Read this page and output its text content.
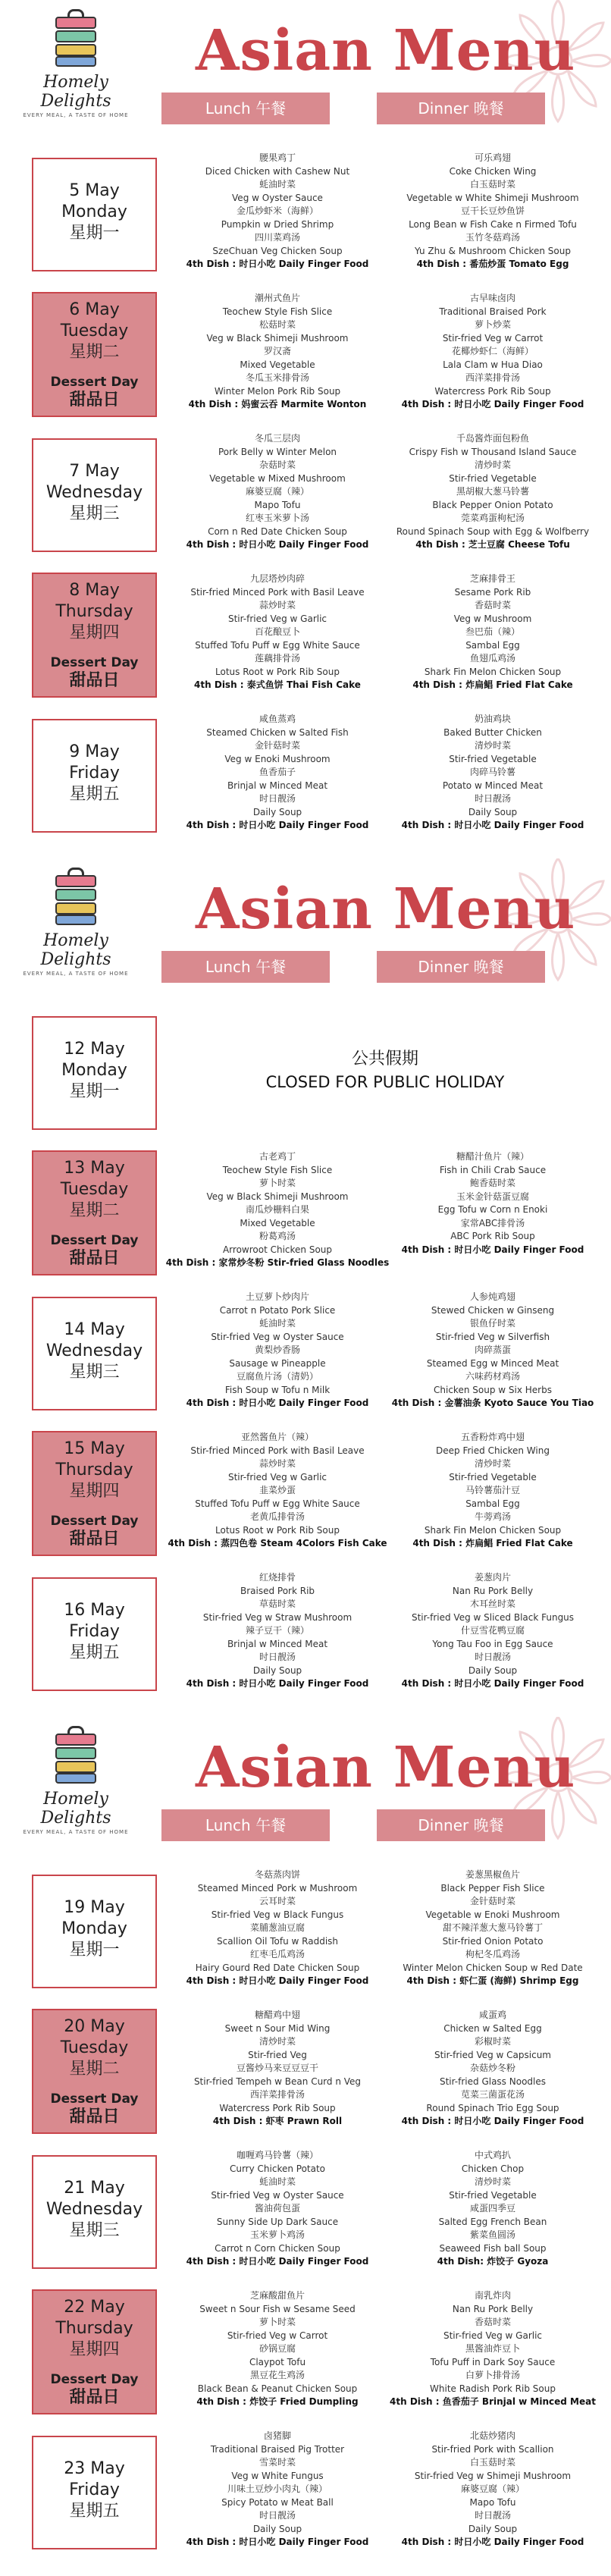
Homely Delights
EVERY MEAL, A TASTE OF HOME
Asian Menu
Lunch 午餐	Dinner 晚餐
5 May
Monday
星期一
腰果鸡丁
Diced Chicken with Cashew Nut
蚝油时菜
Veg w Oyster Sauce
金瓜炒虾米（海鲜）
Pumpkin w Dried Shrimp
四川菜鸡汤
SzeChuan Veg Chicken Soup
4th Dish : 时日小吃 Daily Finger Food
可乐鸡翅
Coke Chicken Wing
白玉菇时菜
Vegetable w White Shimeji Mushroom
豆干长豆炒鱼饼
Long Bean w Fish Cake n Firmed Tofu
玉竹冬菇鸡汤
Yu Zhu & Mushroom Chicken Soup
4th Dish : 番茄炒蛋 Tomato Egg
6 May
Tuesday
星期二
Dessert Day
甜品日
潮州式鱼片
Teochew Style Fish Slice
松菇时菜
Veg w Black Shimeji Mushroom
罗汉斋
Mixed Vegetable
冬瓜玉米排骨汤
Winter Melon Pork Rib Soup
4th Dish : 妈蜜云吞 Marmite Wonton
古早味卤肉
Traditional Braised Pork
萝卜炒菜
Stir-fried Veg w Carrot
花椰炒虾仁（海鲜）
Lala Clam w Hua Diao
西洋菜排骨汤
Watercress Pork Rib Soup
4th Dish : 时日小吃 Daily Finger Food
7 May
Wednesday
星期三
冬瓜三层肉
Pork Belly w Winter Melon
杂菇时菜
Vegetable w Mixed Mushroom
麻婆豆腐（辣）
Mapo Tofu
红枣玉米萝卜汤
Corn n Red Date Chicken Soup
4th Dish : 时日小吃 Daily Finger Food
千岛酱炸面包粉鱼
Crispy Fish w Thousand Island Sauce
清炒时菜
Stir-fried Vegetable
黑胡椒大葱马铃薯
Black Pepper Onion Potato
莞菜鸡蛋枸杞汤
Round Spinach Soup with Egg & Wolfberry
4th Dish : 芝士豆腐 Cheese Tofu
8 May
Thursday
星期四
Dessert Day
甜品日
九层塔炒肉碎
Stir-fried Minced Pork with Basil Leave
蒜炒时菜
Stir-fried Veg w Garlic
百花酿豆卜
Stuffed Tofu Puff w Egg White Sauce
莲藕排骨汤
Lotus Root w Pork Rib Soup
4th Dish : 泰式鱼饼 Thai Fish Cake
芝麻排骨王
Sesame Pork Rib
香菇时菜
Veg w Mushroom
叁巴茄（辣）
Sambal Egg
鱼翅瓜鸡汤
Shark Fin Melon Chicken Soup
4th Dish : 炸扁鲳 Fried Flat Cake
9 May
Friday
星期五
咸鱼蒸鸡
Steamed Chicken w Salted Fish
金针菇时菜
Veg w Enoki Mushroom
鱼香茄子
Brinjal w Minced Meat
时日靓汤
Daily Soup
4th Dish : 时日小吃 Daily Finger Food
奶油鸡块
Baked Butter Chicken
清炒时菜
Stir-fried Vegetable
肉碎马铃薯
Potato w Minced Meat
时日靓汤
Daily Soup
4th Dish : 时日小吃 Daily Finger Food
Homely Delights
EVERY MEAL, A TASTE OF HOME
Asian Menu
Lunch 午餐	Dinner 晚餐
12 May
Monday
星期一
公共假期
CLOSED FOR PUBLIC HOLIDAY
13 May
Tuesday
星期二
Dessert Day
甜品日
古老鸡丁
Teochew Style Fish Slice
萝卜时菜
Veg w Black Shimeji Mushroom
南瓜炒栅料白果
Mixed Vegetable
粉葛鸡汤
Arrowroot Chicken Soup
4th Dish : 家常炒冬粉 Stir-fried Glass Noodles
糖醋汁鱼片（辣）
Fish in Chili Crab Sauce
鲍香菇时菜
玉米金针菇蛋豆腐
Egg Tofu w Corn n Enoki
家常ABC排骨汤
ABC Pork Rib Soup
4th Dish : 时日小吃 Daily Finger Food
14 May
Wednesday
星期三
土豆萝卜炒肉片
Carrot n Potato Pork Slice
蚝油时菜
Stir-fried Veg w Oyster Sauce
黄梨炒香肠
Sausage w Pineapple
豆腐鱼片汤（清奶）
Fish Soup w Tofu n Milk
4th Dish : 时日小吃 Daily Finger Food
人参炖鸡翅
Stewed Chicken w Ginseng
银鱼仔时菜
Stir-fried Veg w Silverfish
肉碎蒸蛋
Steamed Egg w Minced Meat
六味药材鸡汤
Chicken Soup w Six Herbs
4th Dish : 金薯油条 Kyoto Sauce You Tiao
15 May
Thursday
星期四
Dessert Day
甜品日
亚然酱鱼片（辣）
Stir-fried Minced Pork with Basil Leave
蒜炒时菜
Stir-fried Veg w Garlic
韭菜炒蛋
Stuffed Tofu Puff w Egg White Sauce
老黄瓜排骨汤
Lotus Root w Pork Rib Soup
4th Dish : 蒸四色卷 Steam 4Colors Fish Cake
五香粉炸鸡中翅
Deep Fried Chicken Wing
清炒时菜
Stir-fried Vegetable
马铃薯茄汁豆
Sambal Egg
牛蒡鸡汤
Shark Fin Melon Chicken Soup
4th Dish : 炸扁鲳 Fried Flat Cake
16 May
Friday
星期五
红烧排骨
Braised Pork Rib
草菇时菜
Stir-fried Veg w Straw Mushroom
辣子豆干（辣）
Brinjal w Minced Meat
时日靓汤
Daily Soup
4th Dish : 时日小吃 Daily Finger Food
姜葱肉片
Nan Ru Pork Belly
木耳丝时菜
Stir-fried Veg w Sliced Black Fungus
什豆雪花鸭豆腐
Yong Tau Foo in Egg Sauce
时日靓汤
Daily Soup
4th Dish : 时日小吃 Daily Finger Food
Homely Delights
EVERY MEAL, A TASTE OF HOME
Asian Menu
Lunch 午餐	Dinner 晚餐
19 May
Monday
星期一
冬菇蒸肉饼
Steamed Minced Pork w Mushroom
云耳时菜
Stir-fried Veg w Black Fungus
菜脯葱油豆腐
Scallion Oil Tofu w Raddish
红枣毛瓜鸡汤
Hairy Gourd Red Date Chicken Soup
4th Dish : 时日小吃 Daily Finger Food
姜葱黑椒鱼片
Black Pepper Fish Slice
金针菇时菜
Vegetable w Enoki Mushroom
甜不辣洋葱大葱马铃薯丁
Stir-fried Onion Potato
枸杞冬瓜鸡汤
Winter Melon Chicken Soup w Red Date
4th Dish : 虾仁蛋 (海鲜) Shrimp Egg
20 May
Tuesday
星期二
Dessert Day
甜品日
糖醋鸡中翅
Sweet n Sour Mid Wing
清炒时菜
Stir-fried Veg
豆酱炒马来豆豆豆干
Stir-fried Tempeh w Bean Curd n Veg
西洋菜排骨汤
Watercress Pork Rib Soup
4th Dish : 虾枣 Prawn Roll
咸蛋鸡
Chicken w Salted Egg
彩椒时菜
Stir-fried Veg w Capsicum
杂菇炒冬粉
Stir-fried Glass Noodles
苋菜三菌蛋花汤
Round Spinach Trio Egg Soup
4th Dish : 时日小吃 Daily Finger Food
21 May
Wednesday
星期三
咖喱鸡马铃薯（辣）
Curry Chicken Potato
蚝油时菜
Stir-fried Veg w Oyster Sauce
酱油荷包蛋
Sunny Side Up Dark Sauce
玉米萝卜鸡汤
Carrot n Corn Chicken Soup
4th Dish : 时日小吃 Daily Finger Food
中式鸡扒
Chicken Chop
清炒时菜
Stir-fried Vegetable
咸蛋四季豆
Salted Egg French Bean
紫菜鱼圆汤
Seaweed Fish ball Soup
4th Dish: 炸饺子 Gyoza
22 May
Thursday
星期四
Dessert Day
甜品日
芝麻酸甜鱼片
Sweet n Sour Fish w Sesame Seed
萝卜时菜
Stir-fried Veg w Carrot
砂锅豆腐
Claypot Tofu
黑豆花生鸡汤
Black Bean & Peanut Chicken Soup
4th Dish : 炸饺子 Fried Dumpling
南乳炸肉
Nan Ru Pork Belly
香菇时菜
Stir-fried Veg w Garlic
黑酱油炸豆卜
Tofu Puff in Dark Soy Sauce
白萝卜排骨汤
White Radish Pork Rib Soup
4th Dish : 鱼香茄子 Brinjal w Minced Meat
23 May
Friday
星期五
卤猪脚
Traditional Braised Pig Trotter
雪菜时菜
Veg w White Fungus
川味土豆炒小肉丸（辣）
Spicy Potato w Meat Ball
时日靓汤
Daily Soup
4th Dish : 时日小吃 Daily Finger Food
北菇炒猪肉
Stir-fried Pork with Scallion
白玉菇时菜
Stir-fried Veg w Shimeji Mushroom
麻婆豆腐（辣）
Mapo Tofu
时日靓汤
Daily Soup
4th Dish : 时日小吃 Daily Finger Food
